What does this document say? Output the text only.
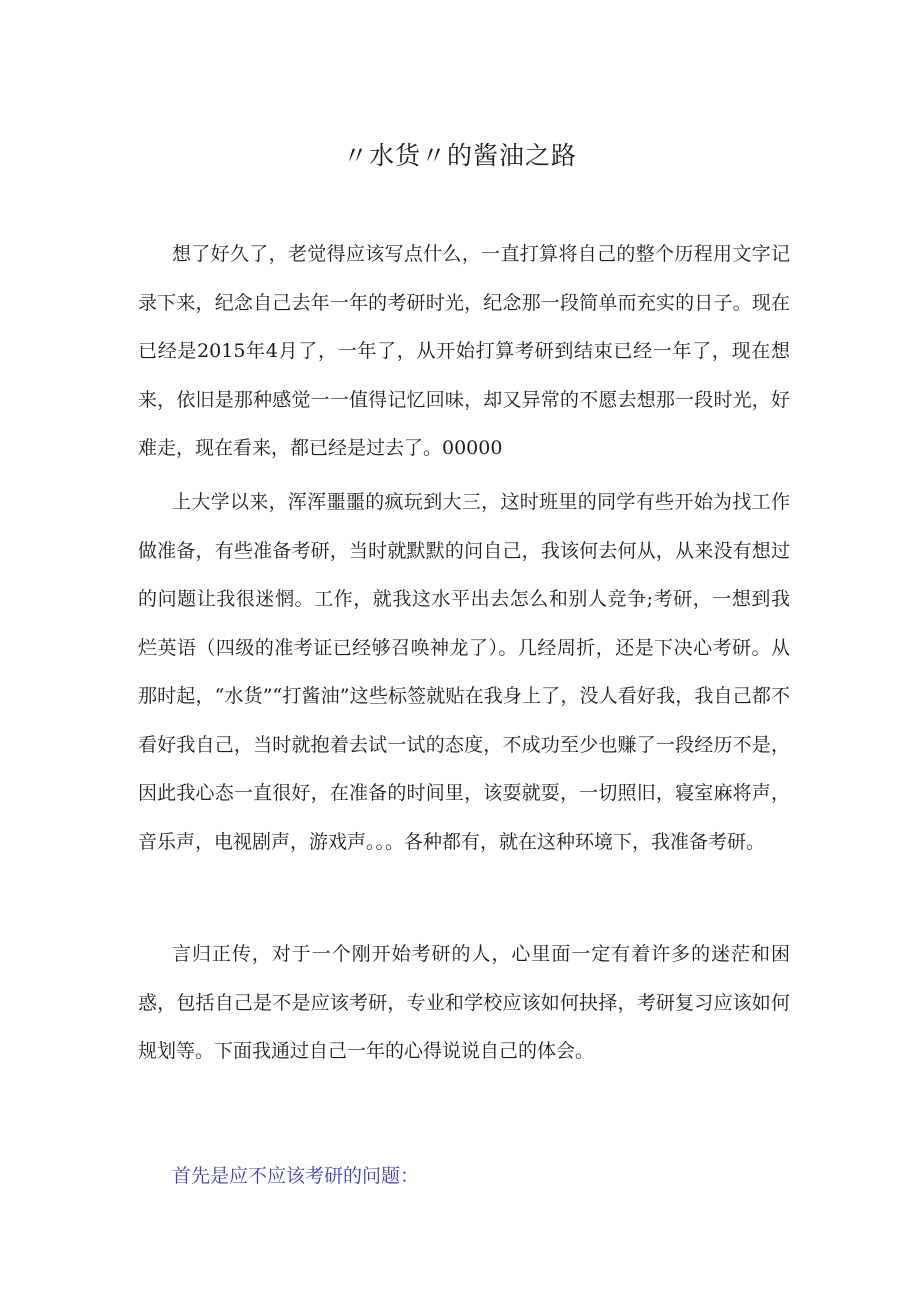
〃水货〃的酱油之路

想了好久了，老觉得应该写点什么，一直打算将自己的整个历程用文字记录下来，纪念自己去年一年的考研时光，纪念那一段简单而充实的日子。现在已经是2015年4月了，一年了，从开始打算考研到结束已经一年了，现在想来，依旧是那种感觉一一值得记忆回味，却又异常的不愿去想那一段时光，好难走，现在看来，都已经是过去了。00000

上大学以来，浑浑噩噩的疯玩到大三，这时班里的同学有些开始为找工作做准备，有些准备考研，当时就默默的问自己，我该何去何从，从来没有想过的问题让我很迷惘。工作，就我这水平出去怎么和别人竞争;考研，一想到我烂英语（四级的准考证已经够召唤神龙了）。几经周折，还是下决心考研。从那时起，“水货”“打酱油”这些标签就贴在我身上了，没人看好我，我自己都不看好我自己，当时就抱着去试一试的态度，不成功至少也赚了一段经历不是，因此我心态一直很好，在准备的时间里，该耍就耍，一切照旧，寝室麻将声，音乐声，电视剧声，游戏声。。。各种都有，就在这种环境下，我准备考研。

言归正传，对于一个刚开始考研的人，心里面一定有着许多的迷茫和困惑，包括自己是不是应该考研，专业和学校应该如何抉择，考研复习应该如何规划等。下面我通过自己一年的心得说说自己的体会。

首先是应不应该考研的问题：
